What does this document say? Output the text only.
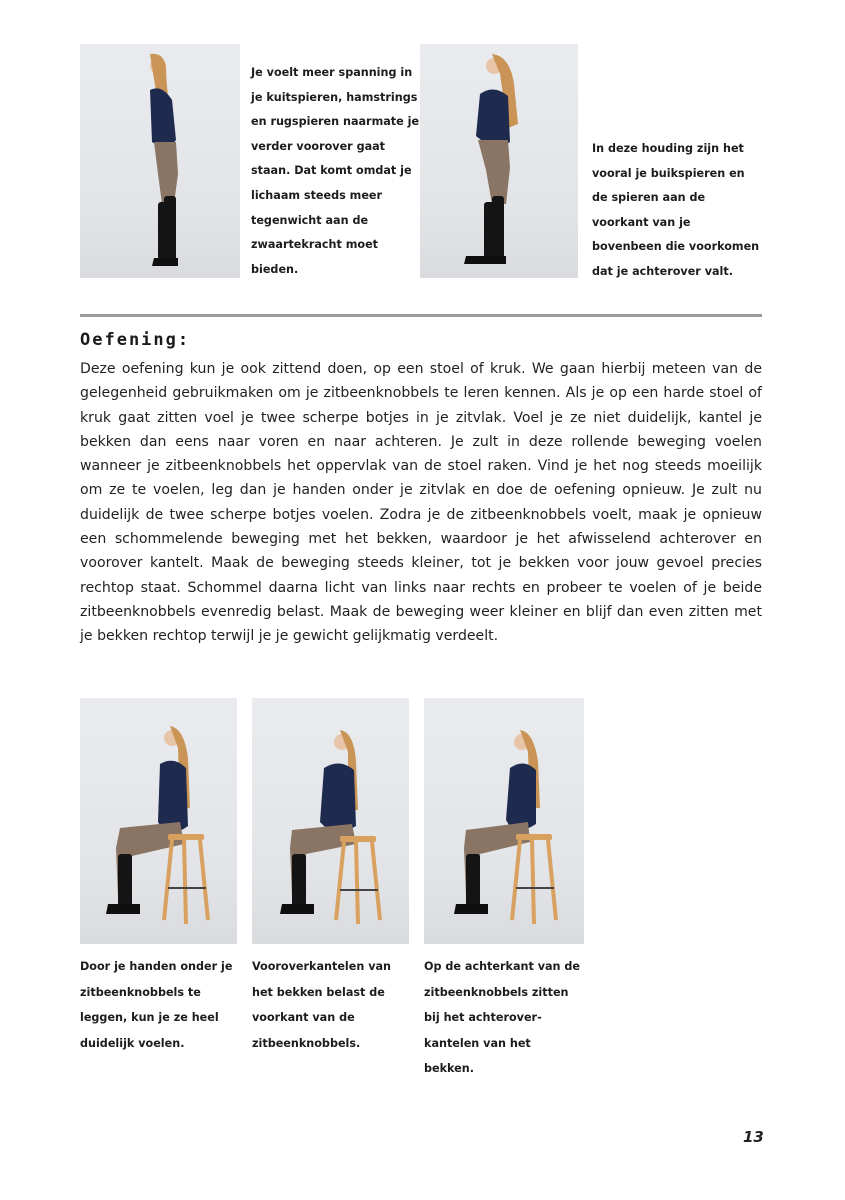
Je voelt meer spanning in je kuitspieren, hamstrings en rugspieren naarmate je verder voorover gaat staan. Dat komt omdat je lichaam steeds meer tegenwicht aan de zwaartekracht moet bieden.
In deze houding zijn het vooral je buikspieren en de spieren aan de voorkant van je bovenbeen die voorkomen dat je achterover valt.
Oefening:
Deze oefening kun je ook zittend doen, op een stoel of kruk. We gaan hierbij meteen van de gelegenheid gebruikmaken om je zitbeenknobbels te leren kennen. Als je op een harde stoel of kruk gaat zitten voel je twee scherpe botjes in je zitvlak. Voel je ze niet duidelijk, kantel je bekken dan eens naar voren en naar achteren. Je zult in deze rollende beweging voelen wanneer je zitbeenknobbels het oppervlak van de stoel raken. Vind je het nog steeds moeilijk om ze te voelen, leg dan je handen onder je zitvlak en doe de oefening opnieuw. Je zult nu duidelijk de twee scherpe botjes voelen. Zodra je de zitbeenknobbels voelt, maak je opnieuw een schommelende beweging met het bekken, waardoor je het afwisselend achterover en voorover kantelt. Maak de beweging steeds kleiner, tot je bekken voor jouw gevoel precies rechtop staat. Schommel daarna licht van links naar rechts en probeer te voelen of je beide zitbeenknobbels evenredig belast. Maak de beweging weer kleiner en blijf dan even zitten met je bekken rechtop terwijl je je gewicht gelijkmatig verdeelt.
Door je handen onder je zitbeenknobbels te leggen, kun je ze heel duidelijk voelen.
Vooroverkantelen van het bekken belast de voorkant van de zitbeenknobbels.
Op de achterkant van de zitbeenknobbels zitten bij het achteroverkantelen van het bekken.
13
